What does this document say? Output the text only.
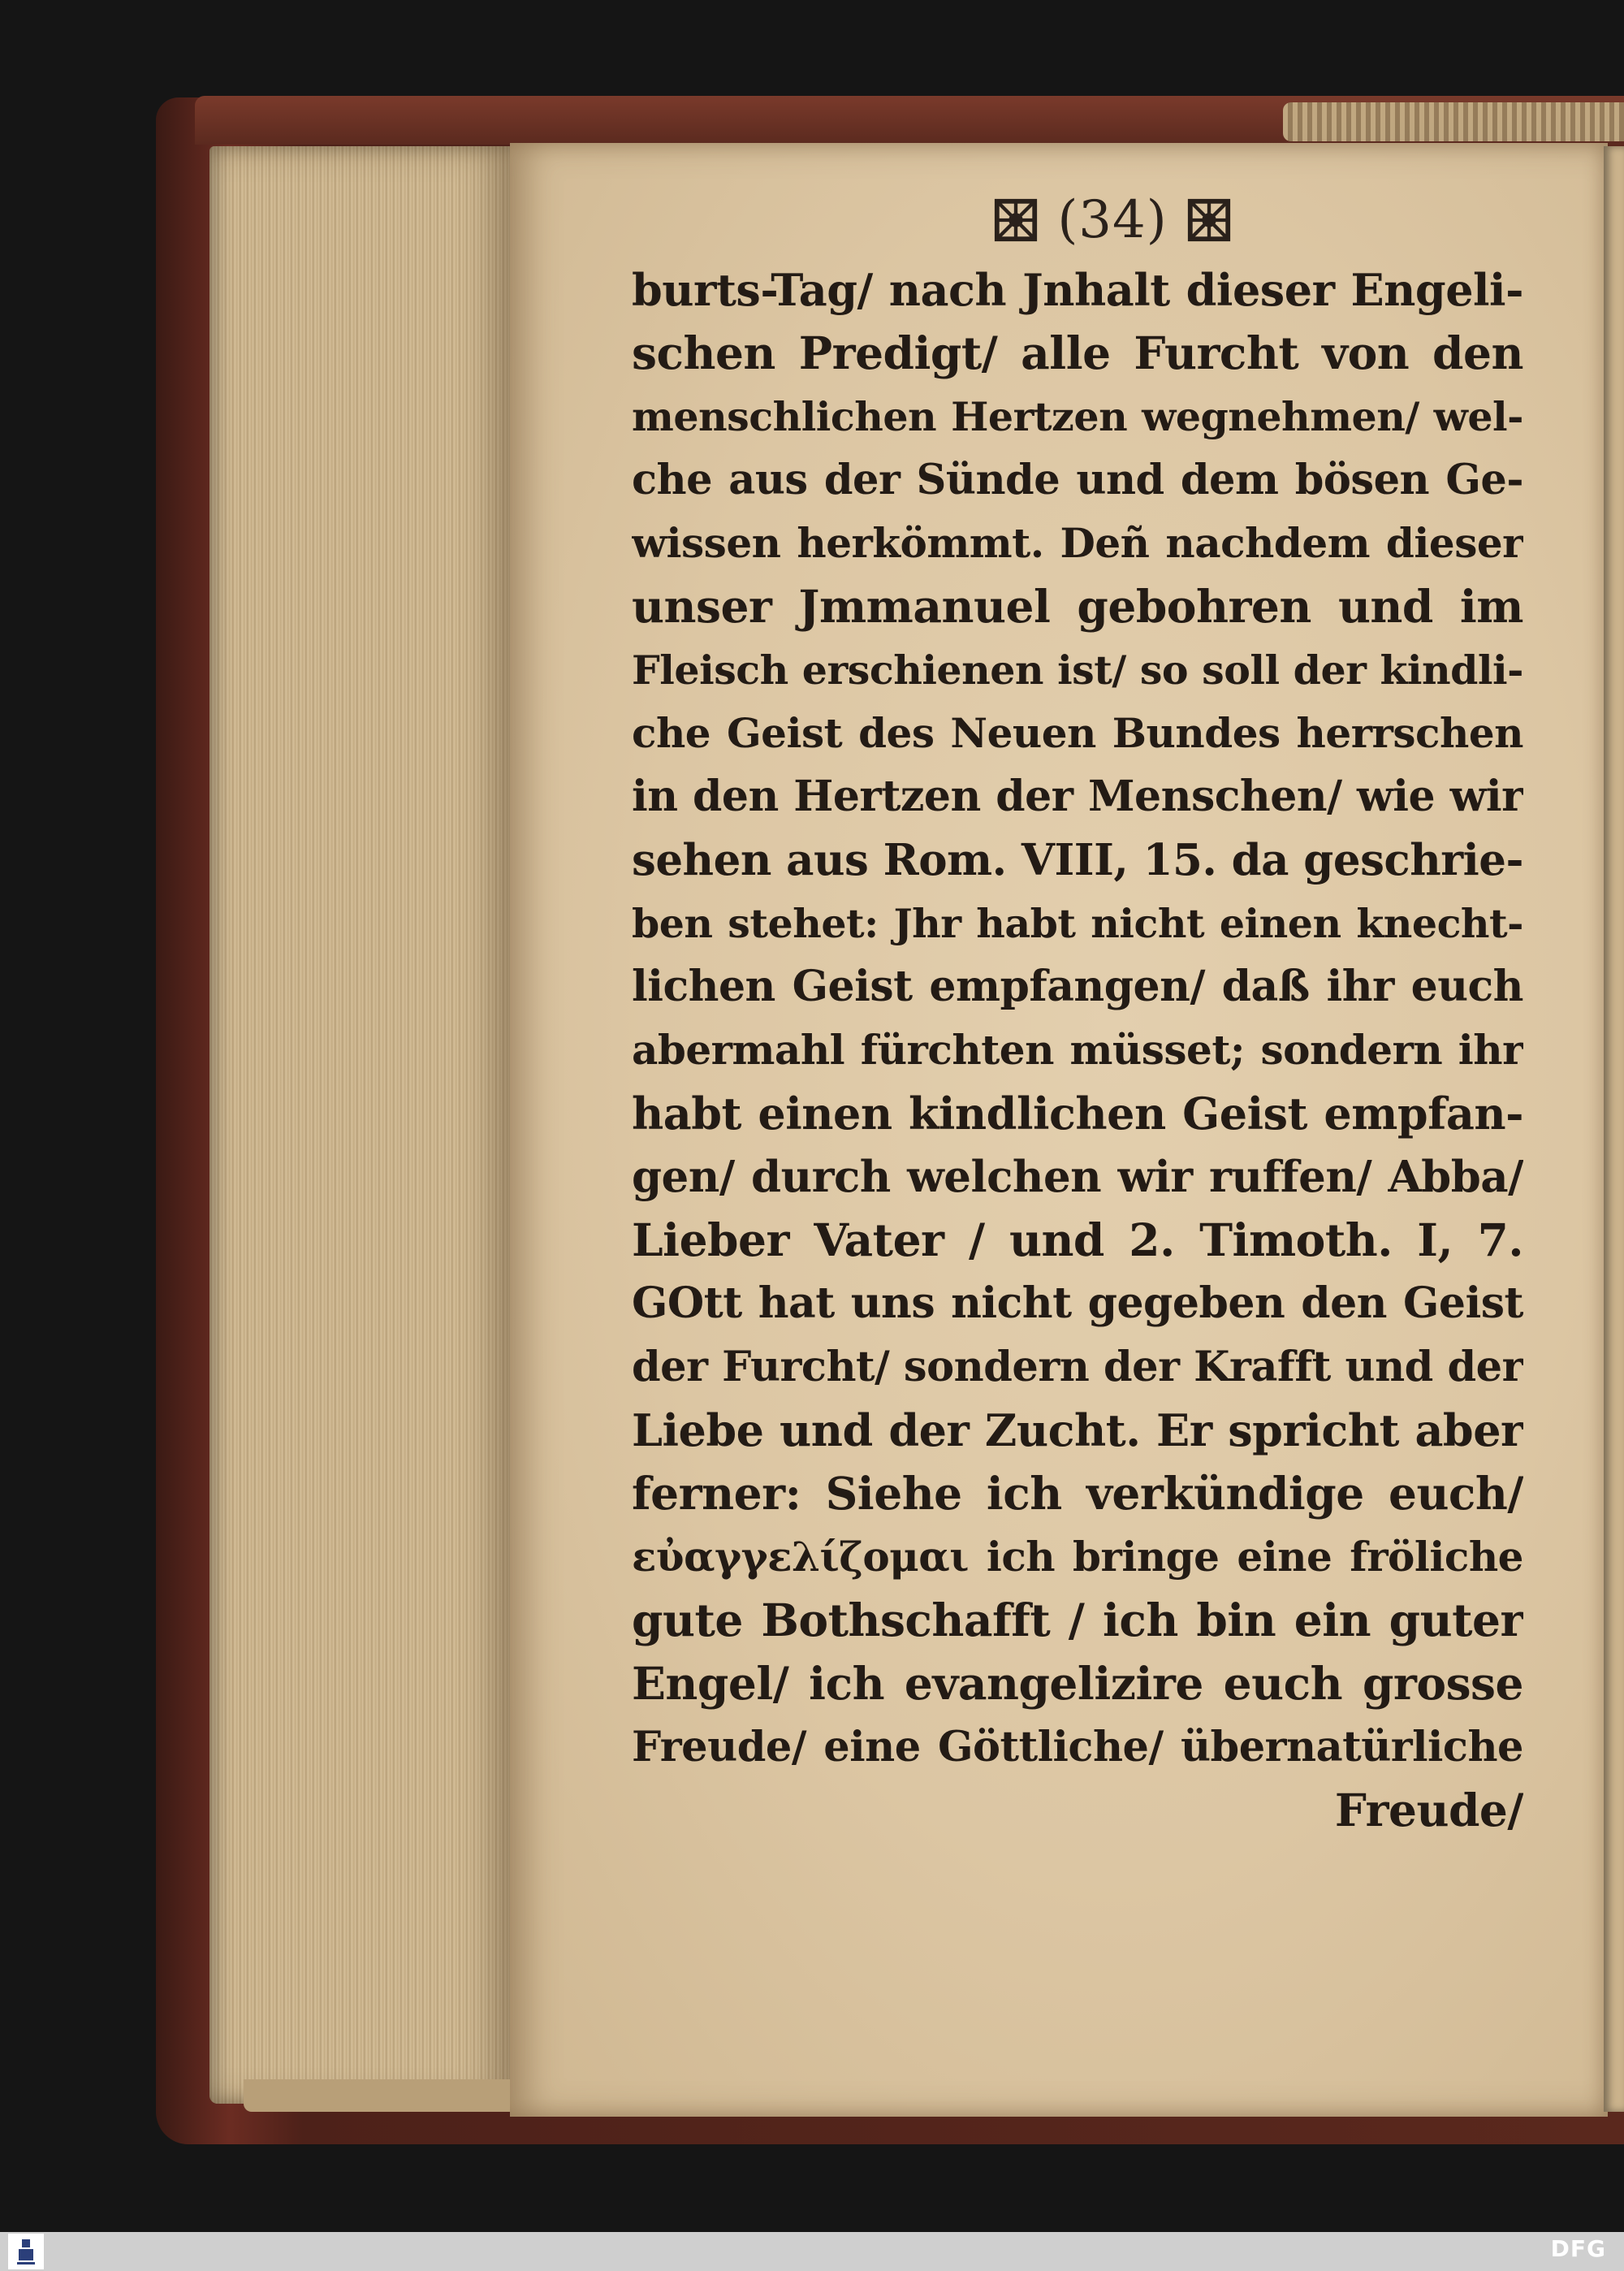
(34)
burts-Tag/ nach Jnhalt dieser Engeli-
schen Predigt/ alle Furcht von den
menschlichen Hertzen wegnehmen/ wel-
che aus der Sünde und dem bösen Ge-
wissen herkömmt. Deñ nachdem dieser
unser Jmmanuel gebohren und im
Fleisch erschienen ist/ so soll der kindli-
che Geist des Neuen Bundes herrschen
in den Hertzen der Menschen/ wie wir
sehen aus Rom. VIII, 15. da geschrie-
ben stehet: Jhr habt nicht einen knecht-
lichen Geist empfangen/ daß ihr euch
abermahl fürchten müsset; sondern ihr
habt einen kindlichen Geist empfan-
gen/ durch welchen wir ruffen/ Abba/
Lieber Vater / und 2. Timoth. I, 7.
GOtt hat uns nicht gegeben den Geist
der Furcht/ sondern der Krafft und der
Liebe und der Zucht. Er spricht aber
ferner: Siehe ich verkündige euch/
εὐαγγελίζομαι ich bringe eine fröliche
gute Bothschafft / ich bin ein guter
Engel/ ich evangelizire euch grosse
Freude/ eine Göttliche/ übernatürliche
Freude/
DFG
